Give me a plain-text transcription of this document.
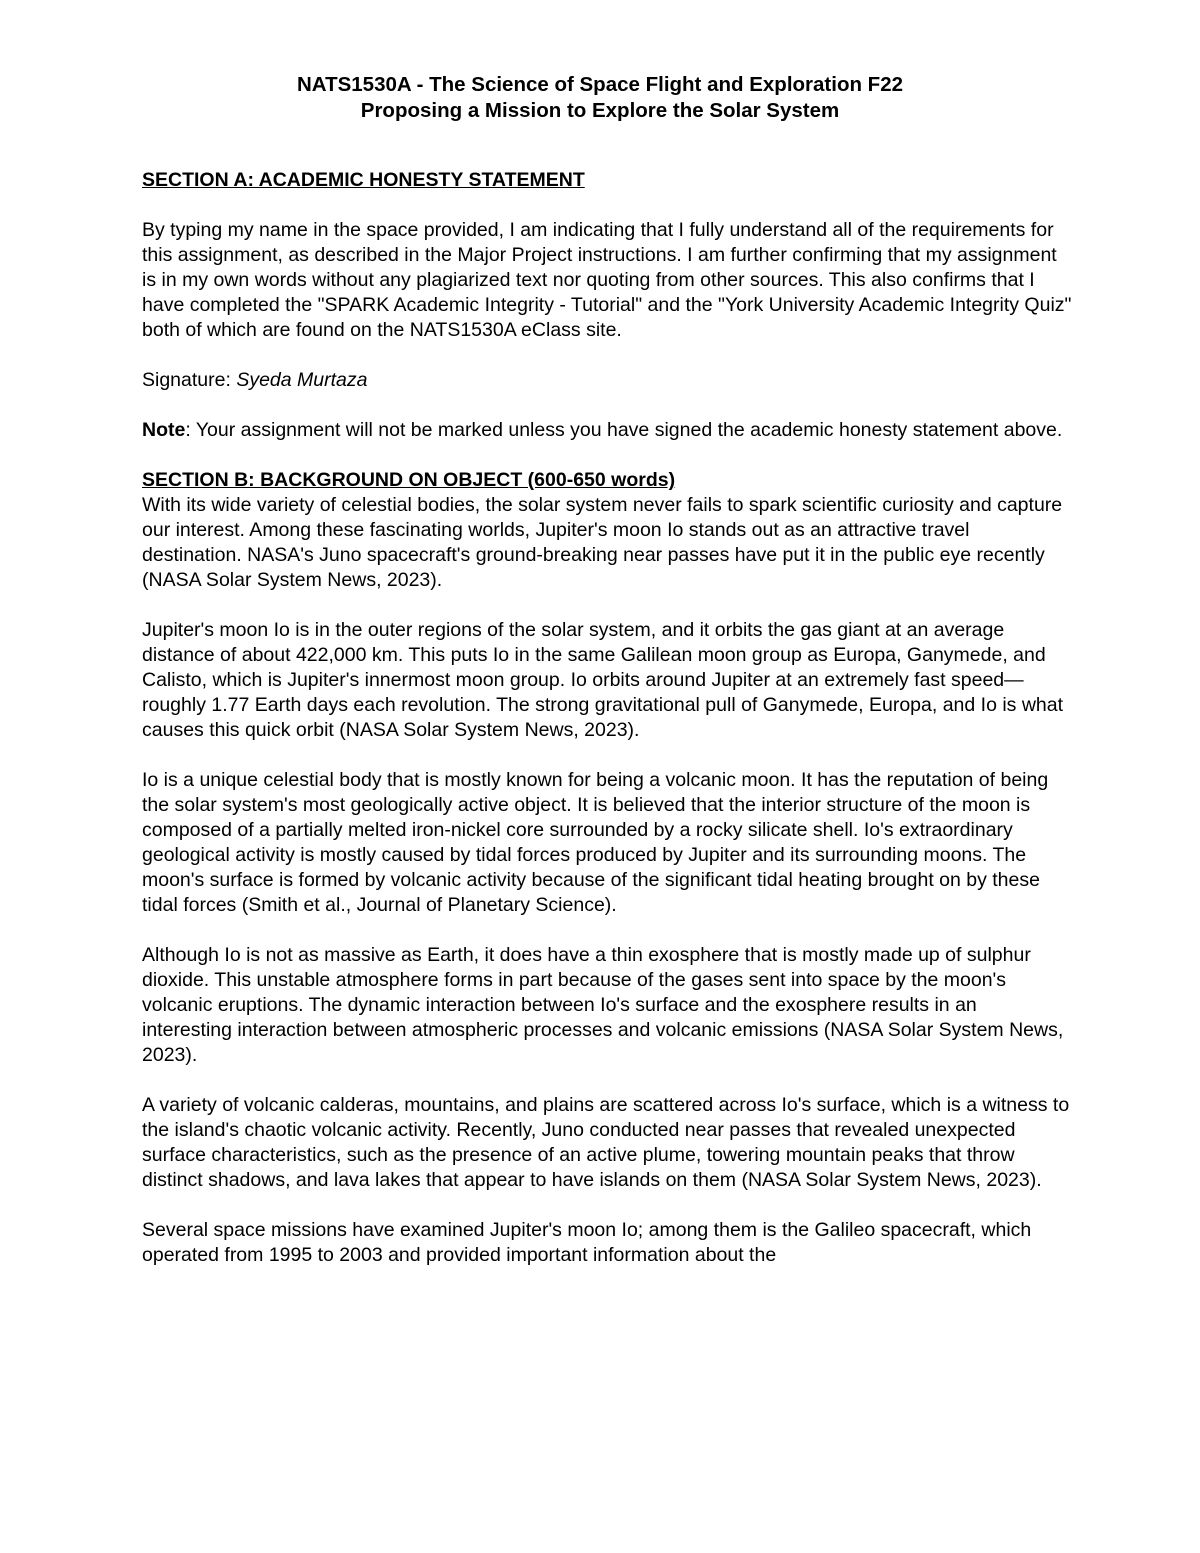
NATS1530A - The Science of Space Flight and Exploration F22

Proposing a Mission to Explore the Solar System

SECTION A: ACADEMIC HONESTY STATEMENT

By typing my name in the space provided, I am indicating that I fully understand all of the requirements for this assignment, as described in the Major Project instructions. I am further confirming that my assignment is in my own words without any plagiarized text nor quoting from other sources. This also confirms that I have completed the "SPARK Academic Integrity - Tutorial" and the "York University Academic Integrity Quiz" both of which are found on the NATS1530A eClass site.

Signature: Syeda Murtaza

Note: Your assignment will not be marked unless you have signed the academic honesty statement above.

SECTION B: BACKGROUND ON OBJECT (600-650 words)

With its wide variety of celestial bodies, the solar system never fails to spark scientific curiosity and capture our interest. Among these fascinating worlds, Jupiter's moon Io stands out as an attractive travel destination. NASA's Juno spacecraft's ground-breaking near passes have put it in the public eye recently (NASA Solar System News, 2023).

Jupiter's moon Io is in the outer regions of the solar system, and it orbits the gas giant at an average distance of about 422,000 km. This puts Io in the same Galilean moon group as Europa, Ganymede, and Calisto, which is Jupiter's innermost moon group. Io orbits around Jupiter at an extremely fast speed—roughly 1.77 Earth days each revolution. The strong gravitational pull of Ganymede, Europa, and Io is what causes this quick orbit (NASA Solar System News, 2023).

Io is a unique celestial body that is mostly known for being a volcanic moon. It has the reputation of being the solar system's most geologically active object. It is believed that the interior structure of the moon is composed of a partially melted iron-nickel core surrounded by a rocky silicate shell. Io's extraordinary geological activity is mostly caused by tidal forces produced by Jupiter and its surrounding moons. The moon's surface is formed by volcanic activity because of the significant tidal heating brought on by these tidal forces (Smith et al., Journal of Planetary Science).

Although Io is not as massive as Earth, it does have a thin exosphere that is mostly made up of sulphur dioxide. This unstable atmosphere forms in part because of the gases sent into space by the moon's volcanic eruptions. The dynamic interaction between Io's surface and the exosphere results in an interesting interaction between atmospheric processes and volcanic emissions (NASA Solar System News, 2023).

A variety of volcanic calderas, mountains, and plains are scattered across Io's surface, which is a witness to the island's chaotic volcanic activity. Recently, Juno conducted near passes that revealed unexpected surface characteristics, such as the presence of an active plume, towering mountain peaks that throw distinct shadows, and lava lakes that appear to have islands on them (NASA Solar System News, 2023).

Several space missions have examined Jupiter's moon Io; among them is the Galileo spacecraft, which operated from 1995 to 2003 and provided important information about the
